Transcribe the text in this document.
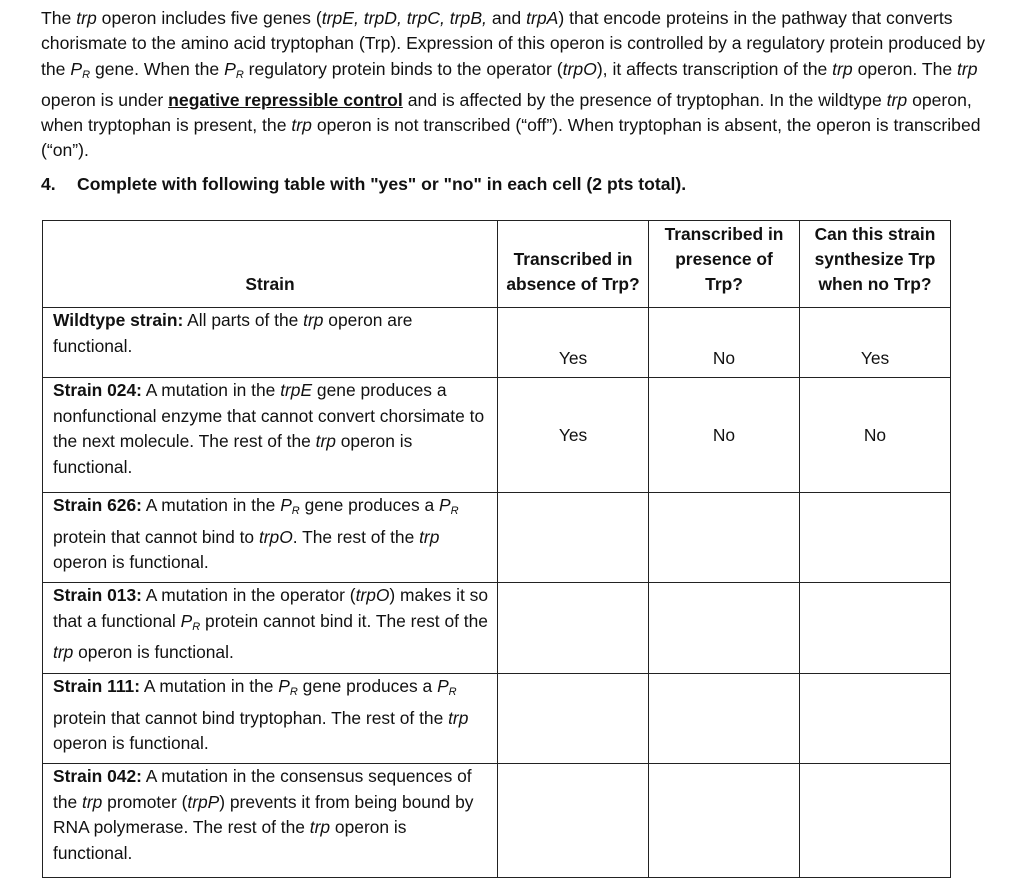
The trp operon includes five genes (trpE, trpD, trpC, trpB, and trpA) that encode proteins in the pathway that converts chorismate to the amino acid tryptophan (Trp). Expression of this operon is controlled by a regulatory protein produced by the $P_R$ gene. When the $P_R$ regulatory protein binds to the operator (trpO), it affects transcription of the trp operon. The trp operon is under negative repressible control and is affected by the presence of tryptophan. In the wildtype trp operon, when tryptophan is present, the trp operon is not transcribed (“off”). When tryptophan is absent, the operon is transcribed (“on”).

4. Complete with following table with "yes" or "no" in each cell (2 pts total).

Strain	Transcribed in absence of Trp?	Transcribed in presence of Trp?	Can this strain synthesize Trp when no Trp?
Wildtype strain: All parts of the trp operon are functional.	Yes	No	Yes
Strain 024: A mutation in the trpE gene produces a nonfunctional enzyme that cannot convert chorsimate to the next molecule. The rest of the trp operon is functional.	Yes	No	No
Strain 626: A mutation in the $P_R$ gene produces a $P_R$ protein that cannot bind to trpO. The rest of the trp operon is functional.			
Strain 013: A mutation in the operator (trpO) makes it so that a functional $P_R$ protein cannot bind it. The rest of the trp operon is functional.			
Strain 111: A mutation in the $P_R$ gene produces a $P_R$ protein that cannot bind tryptophan. The rest of the trp operon is functional.			
Strain 042: A mutation in the consensus sequences of the trp promoter (trpP) prevents it from being bound by RNA polymerase. The rest of the trp operon is functional.			
